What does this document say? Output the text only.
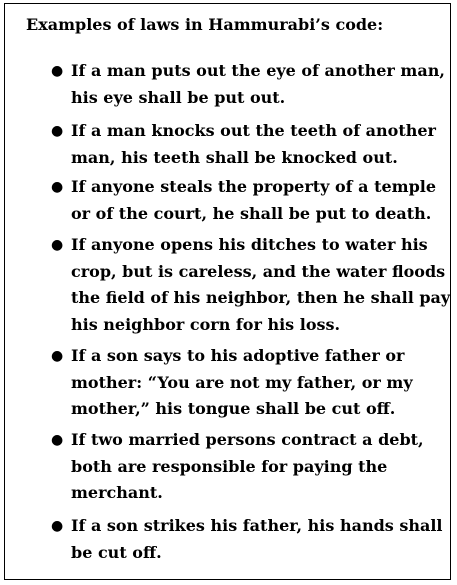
Examples of laws in Hammurabi’s code:
● If a man puts out the eye of another man,
his eye shall be put out.
● If a man knocks out the teeth of another
man, his teeth shall be knocked out.
● If anyone steals the property of a temple
or of the court, he shall be put to death.
● If anyone opens his ditches to water his
crop, but is careless, and the water floods
the field of his neighbor, then he shall pay
his neighbor corn for his loss.
● If a son says to his adoptive father or
mother: “You are not my father, or my
mother,” his tongue shall be cut off.
● If two married persons contract a debt,
both are responsible for paying the
merchant.
● If a son strikes his father, his hands shall
be cut off.
